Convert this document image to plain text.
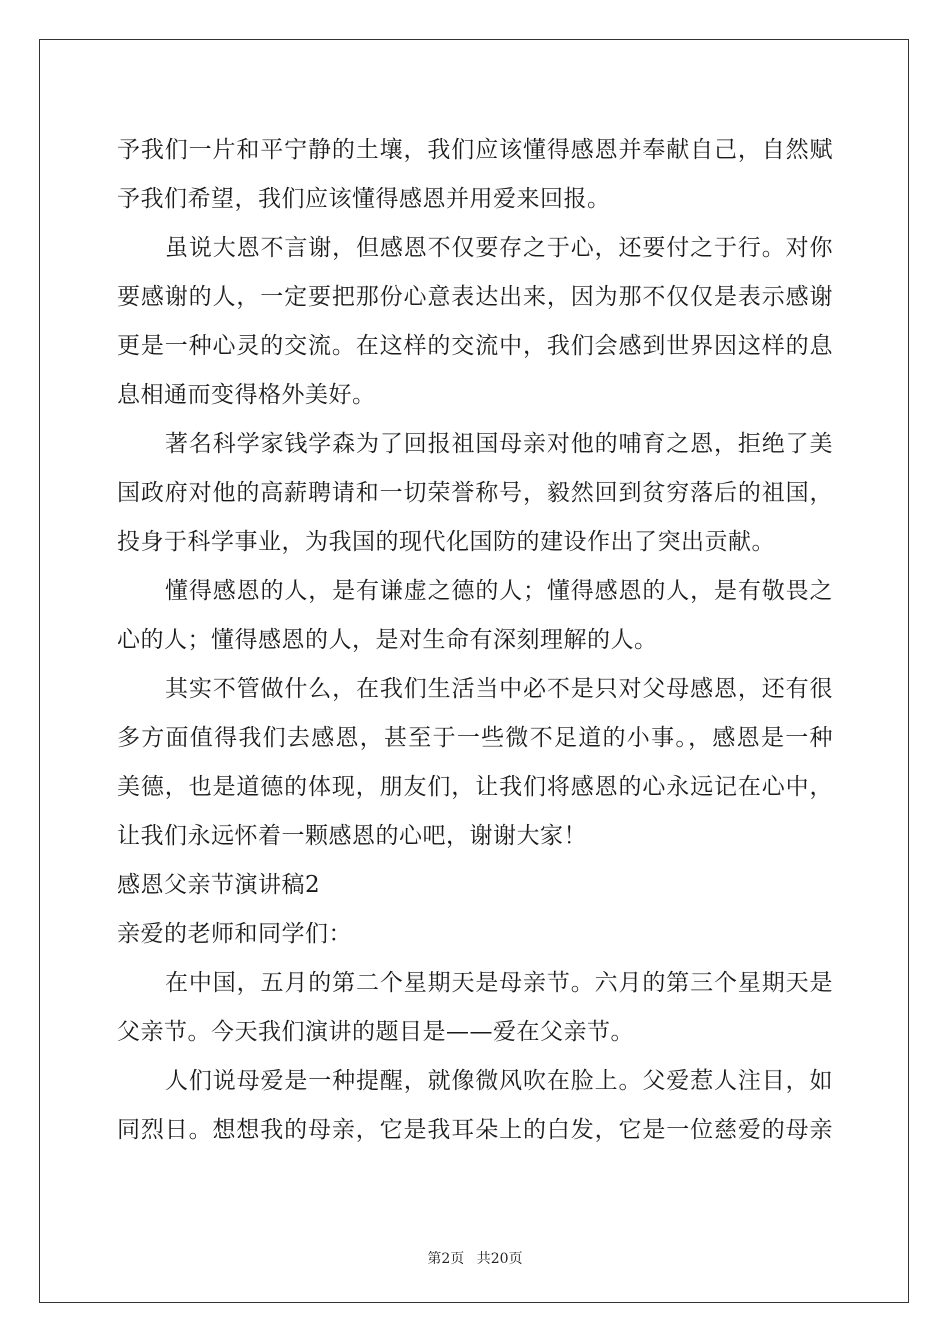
予我们一片和平宁静的土壤，我们应该懂得感恩并奉献自己，自然赋
予我们希望，我们应该懂得感恩并用爱来回报。
虽说大恩不言谢，但感恩不仅要存之于心，还要付之于行。对你
要感谢的人，一定要把那份心意表达出来，因为那不仅仅是表示感谢
更是一种心灵的交流。在这样的交流中，我们会感到世界因这样的息
息相通而变得格外美好。
著名科学家钱学森为了回报祖国母亲对他的哺育之恩，拒绝了美
国政府对他的高薪聘请和一切荣誉称号，毅然回到贫穷落后的祖国，
投身于科学事业，为我国的现代化国防的建设作出了突出贡献。
懂得感恩的人，是有谦虚之德的人；懂得感恩的人，是有敬畏之
心的人；懂得感恩的人，是对生命有深刻理解的人。
其实不管做什么，在我们生活当中必不是只对父母感恩，还有很
多方面值得我们去感恩，甚至于一些微不足道的小事。，感恩是一种
美德，也是道德的体现，朋友们，让我们将感恩的心永远记在心中，
让我们永远怀着一颗感恩的心吧，谢谢大家！
感恩父亲节演讲稿2
亲爱的老师和同学们：
在中国，五月的第二个星期天是母亲节。六月的第三个星期天是
父亲节。今天我们演讲的题目是——爱在父亲节。
人们说母爱是一种提醒，就像微风吹在脸上。父爱惹人注目，如
同烈日。想想我的母亲，它是我耳朵上的白发，它是一位慈爱的母亲
第2页 共20页
